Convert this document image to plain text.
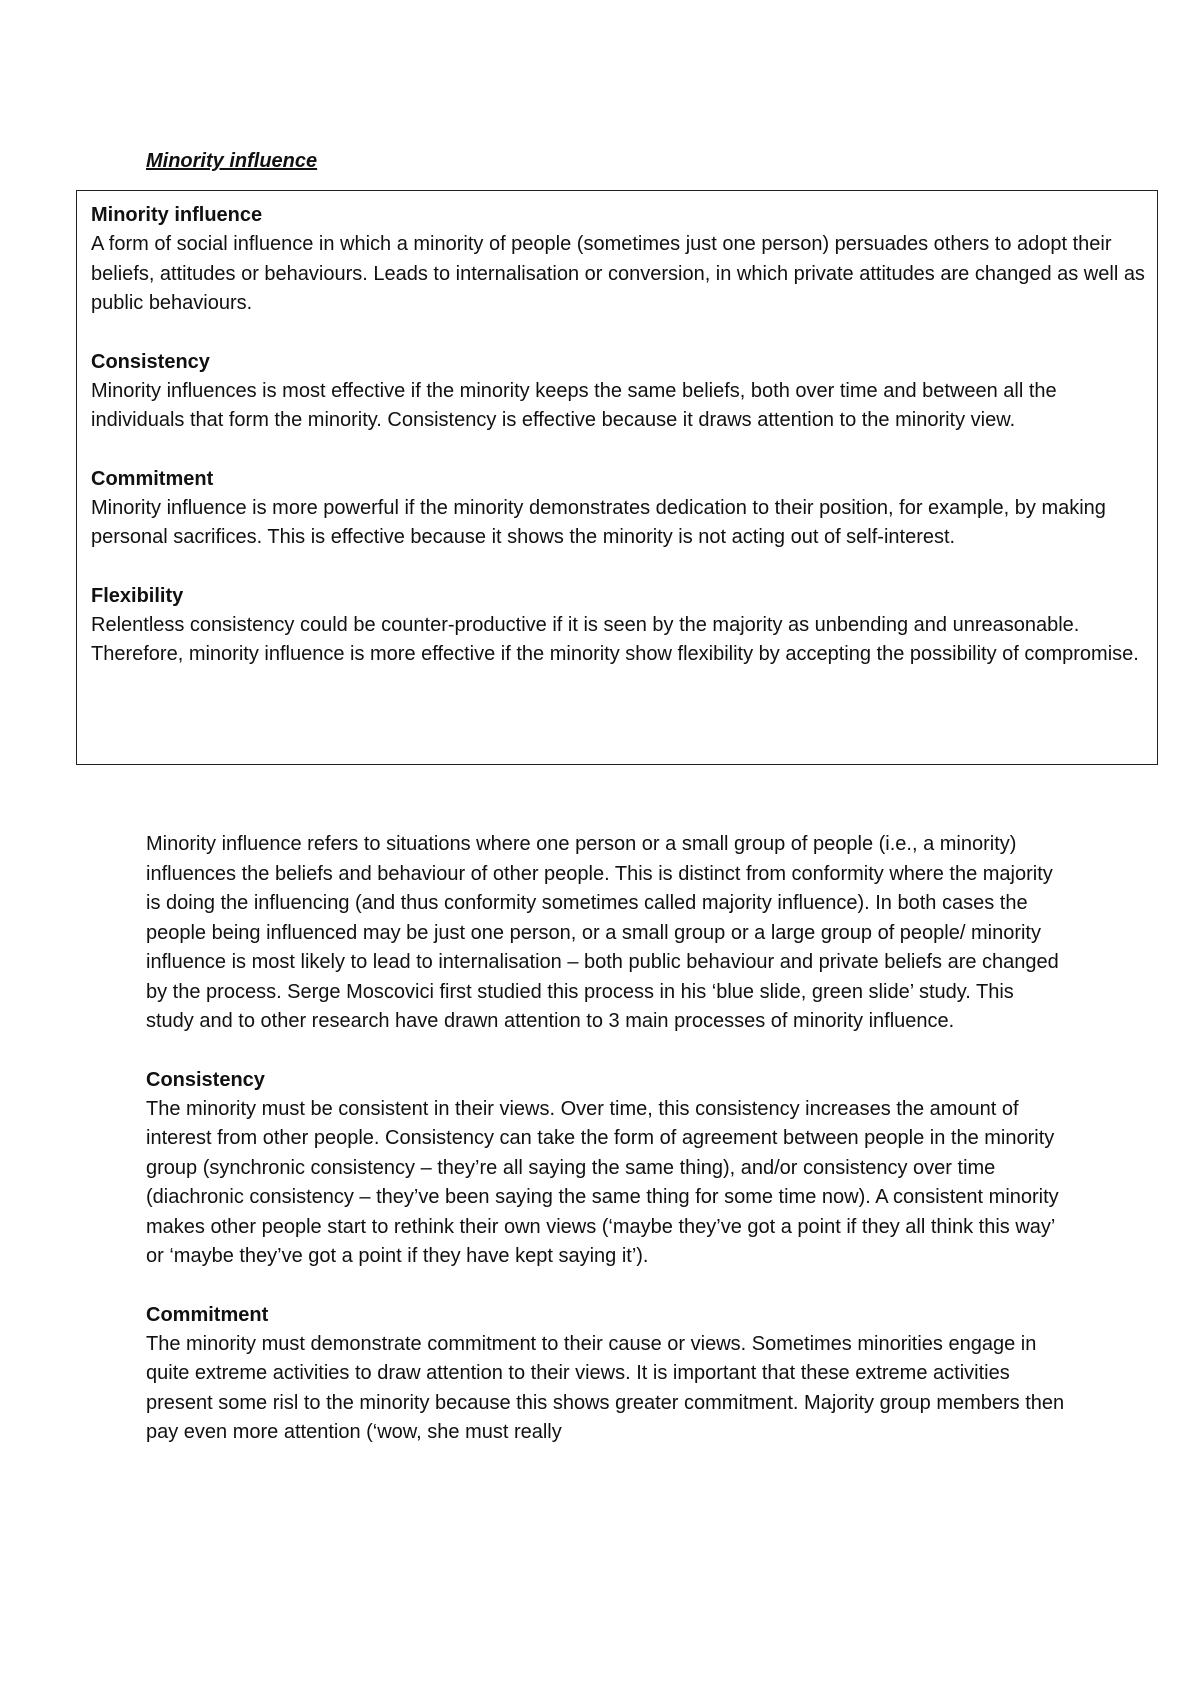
Minority influence
Minority influence
A form of social influence in which a minority of people (sometimes just one person) persuades others to adopt their beliefs, attitudes or behaviours. Leads to internalisation or conversion, in which private attitudes are changed as well as public behaviours.
Consistency
Minority influences is most effective if the minority keeps the same beliefs, both over time and between all the individuals that form the minority. Consistency is effective because it draws attention to the minority view.
Commitment
Minority influence is more powerful if the minority demonstrates dedication to their position, for example, by making personal sacrifices. This is effective because it shows the minority is not acting out of self-interest.
Flexibility
Relentless consistency could be counter-productive if it is seen by the majority as unbending and unreasonable. Therefore, minority influence is more effective if the minority show flexibility by accepting the possibility of compromise.
Minority influence refers to situations where one person or a small group of people (i.e., a minority) influences the beliefs and behaviour of other people. This is distinct from conformity where the majority is doing the influencing (and thus conformity sometimes called majority influence). In both cases the people being influenced may be just one person, or a small group or a large group of people/ minority influence is most likely to lead to internalisation – both public behaviour and private beliefs are changed by the process. Serge Moscovici first studied this process in his ‘blue slide, green slide’ study. This study and to other research have drawn attention to 3 main processes of minority influence.
Consistency
The minority must be consistent in their views. Over time, this consistency increases the amount of interest from other people. Consistency can take the form of agreement between people in the minority group (synchronic consistency – they’re all saying the same thing), and/or consistency over time (diachronic consistency – they’ve been saying the same thing for some time now). A consistent minority makes other people start to rethink their own views (‘maybe they’ve got a point if they all think this way’ or ‘maybe they’ve got a point if they have kept saying it’).
Commitment
The minority must demonstrate commitment to their cause or views. Sometimes minorities engage in quite extreme activities to draw attention to their views. It is important that these extreme activities present some risl to the minority because this shows greater commitment. Majority group members then pay even more attention (‘wow, she must really
